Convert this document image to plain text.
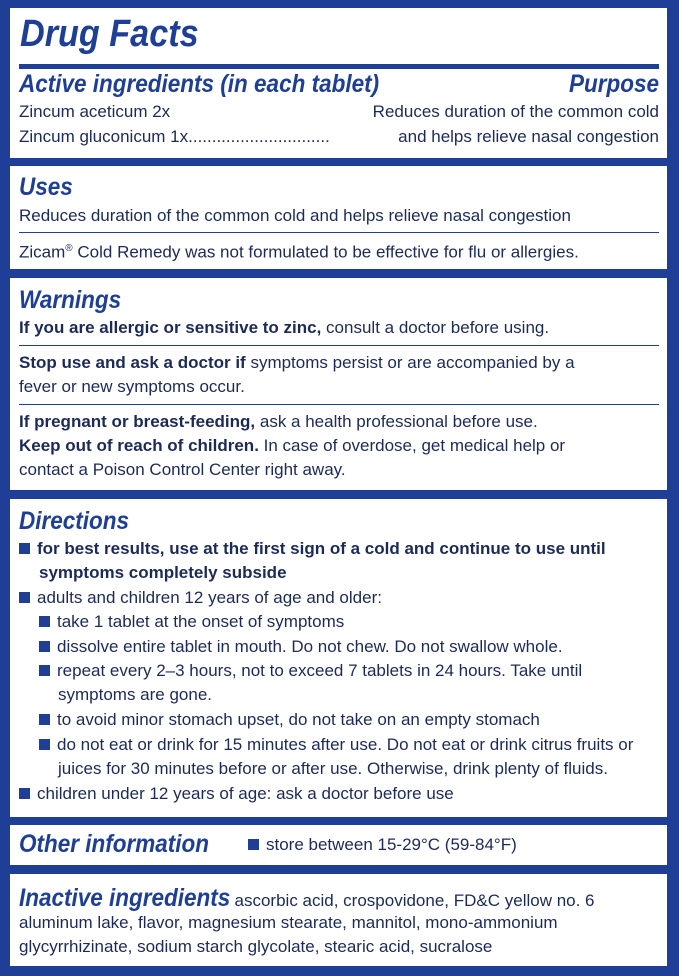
Drug Facts
Active ingredients (in each tablet)	Purpose
Zincum aceticum 2x	Reduces duration of the common cold
Zincum gluconicum 1x..............................	and helps relieve nasal congestion
Uses
Reduces duration of the common cold and helps relieve nasal congestion
Zicam® Cold Remedy was not formulated to be effective for flu or allergies.
Warnings
If you are allergic or sensitive to zinc, consult a doctor before using.
Stop use and ask a doctor if symptoms persist or are accompanied by a
fever or new symptoms occur.
If pregnant or breast-feeding, ask a health professional before use.
Keep out of reach of children. In case of overdose, get medical help or
contact a Poison Control Center right away.
Directions
for best results, use at the first sign of a cold and continue to use until
symptoms completely subside
adults and children 12 years of age and older:
take 1 tablet at the onset of symptoms
dissolve entire tablet in mouth. Do not chew. Do not swallow whole.
repeat every 2–3 hours, not to exceed 7 tablets in 24 hours. Take until
symptoms are gone.
to avoid minor stomach upset, do not take on an empty stomach
do not eat or drink for 15 minutes after use. Do not eat or drink citrus fruits or
juices for 30 minutes before or after use. Otherwise, drink plenty of fluids.
children under 12 years of age: ask a doctor before use
Other information	store between 15-29°C (59-84°F)
Inactive ingredients ascorbic acid, crospovidone, FD&C yellow no. 6
aluminum lake, flavor, magnesium stearate, mannitol, mono-ammonium
glycyrrhizinate, sodium starch glycolate, stearic acid, sucralose
